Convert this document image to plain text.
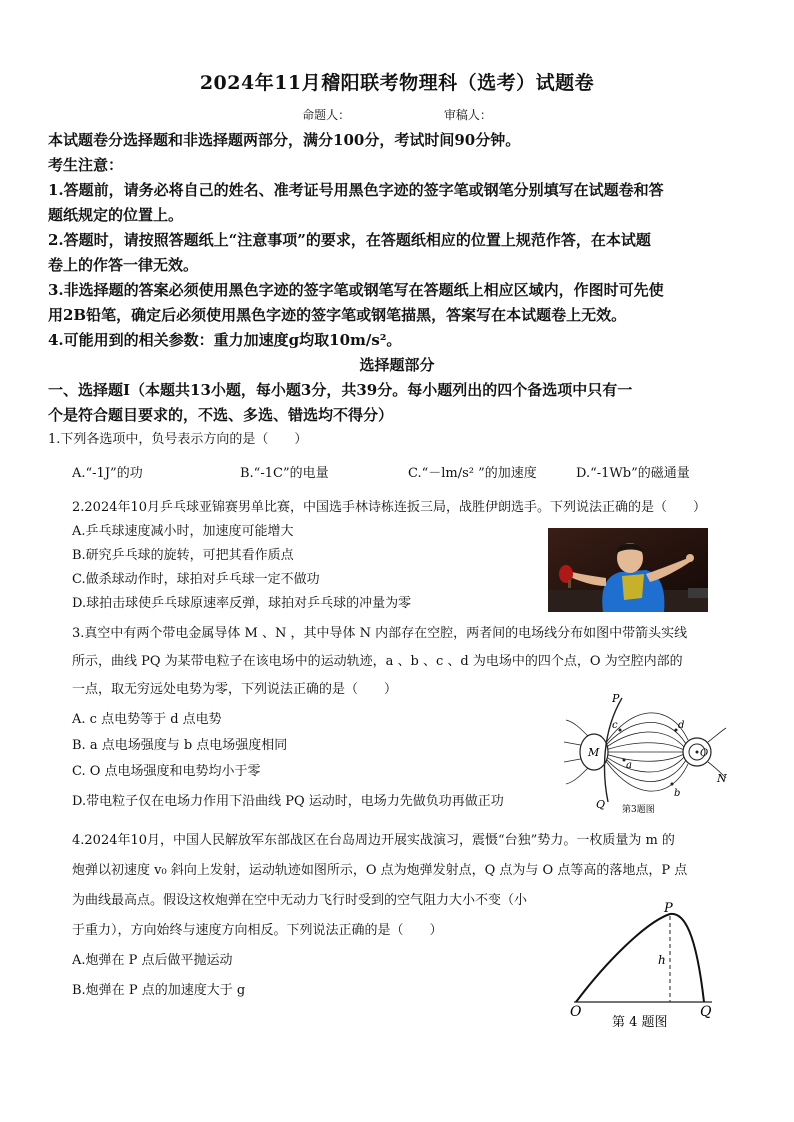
2024年11月稽阳联考物理科（选考）试题卷
命题人：	审稿人：
本试题卷分选择题和非选择题两部分，满分100分，考试时间90分钟。
考生注意：
1.答题前，请务必将自己的姓名、准考证号用黑色字迹的签字笔或钢笔分别填写在试题卷和答
题纸规定的位置上。
2.答题时，请按照答题纸上“注意事项”的要求，在答题纸相应的位置上规范作答，在本试题
卷上的作答一律无效。
3.非选择题的答案必须使用黑色字迹的签字笔或钢笔写在答题纸上相应区域内，作图时可先使
用2B铅笔，确定后必须使用黑色字迹的签字笔或钢笔描黑，答案写在本试题卷上无效。
4.可能用到的相关参数：重力加速度g均取10m/s²。
选择题部分
一、选择题Ⅰ（本题共13小题，每小题3分，共39分。每小题列出的四个备选项中只有一
个是符合题目要求的，不选、多选、错选均不得分）
1.下列各选项中，负号表示方向的是（　　）
A.“-1J”的功	B.“-1C”的电量	C.“－lm/s² ”的加速度	D.“-1Wb”的磁通量
2.2024年10月乒乓球亚锦赛男单比赛，中国选手林诗栋连扳三局，战胜伊朗选手。下列说法正确的是（　　）
A.乒乓球速度减小时，加速度可能增大
B.研究乒乓球的旋转，可把其看作质点
C.做杀球动作时，球拍对乒乓球一定不做功
D.球拍击球使乒乓球原速率反弹，球拍对乒乓球的冲量为零
3.真空中有两个带电金属导体 M 、N ，其中导体 N 内部存在空腔，两者间的电场线分布如图中带箭头实线
所示，曲线 PQ 为某带电粒子在该电场中的运动轨迹，a 、b 、c 、d 为电场中的四个点，O 为空腔内部的
一点，取无穷远处电势为零，下列说法正确的是（　　）
A. c 点电势等于 d 点电势
B. a 点电场强度与 b 点电场强度相同
C. O 点电场强度和电势均小于零
D.带电粒子仅在电场力作用下沿曲线 PQ 运动时，电场力先做负功再做正功
P
Q
M
N
O
a
b
c	d
第3题图
4.2024年10月，中国人民解放军东部战区在台岛周边开展实战演习，震慑“台独”势力。一枚质量为 m 的
炮弹以初速度 v₀ 斜向上发射，运动轨迹如图所示，O 点为炮弹发射点，Q 点为与 O 点等高的落地点，P 点
为曲线最高点。假设这枚炮弹在空中无动力飞行时受到的空气阻力大小不变（小
于重力），方向始终与速度方向相反。下列说法正确的是（　　）
A.炮弹在 P 点后做平抛运动
B.炮弹在 P 点的加速度大于 g
O	Q
P
h
第 4 题图
